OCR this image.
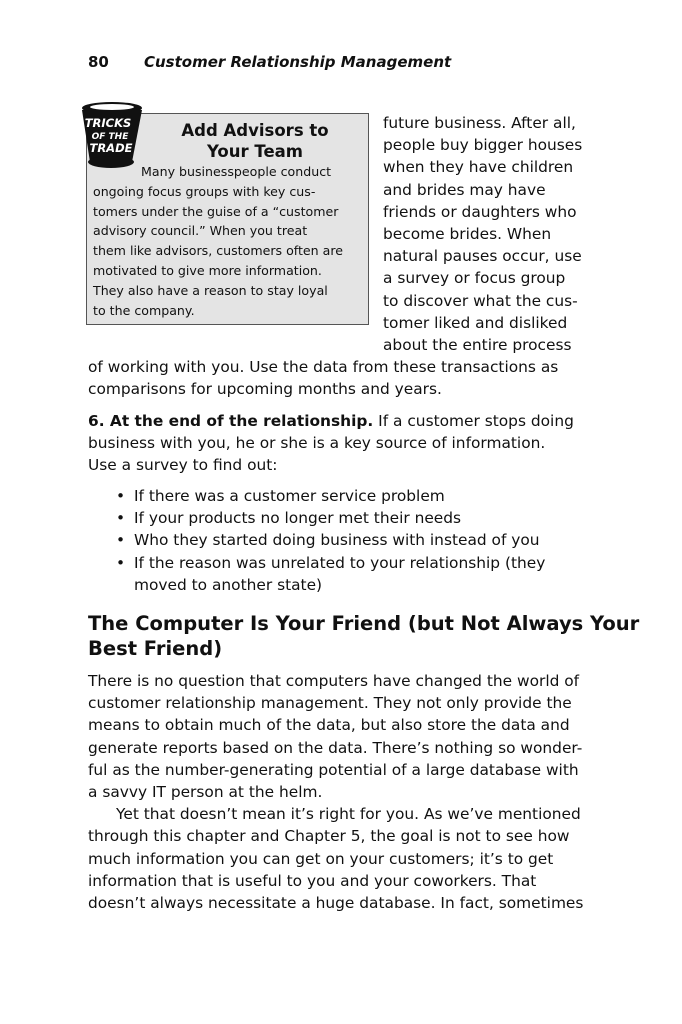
80 Customer Relationship Management
Add Advisors to
Your Team
Many businesspeople conduct
ongoing focus groups with key cus-
tomers under the guise of a “customer
advisory council.” When you treat
them like advisors, customers often are
motivated to give more information.
They also have a reason to stay loyal
to the company.
TRICKS
OF THE
TRADE
future business. After all,
people buy bigger houses
when they have children
and brides may have
friends or daughters who
become brides. When
natural pauses occur, use
a survey or focus group
to discover what the cus-
tomer liked and disliked
about the entire process
of working with you. Use the data from these transactions as
comparisons for upcoming months and years.
6. At the end of the relationship. If a customer stops doing
business with you, he or she is a key source of information.
Use a survey to find out:
• If there was a customer service problem
• If your products no longer met their needs
• Who they started doing business with instead of you
• If the reason was unrelated to your relationship (they
moved to another state)
The Computer Is Your Friend (but Not Always Your
Best Friend)
There is no question that computers have changed the world of
customer relationship management. They not only provide the
means to obtain much of the data, but also store the data and
generate reports based on the data. There’s nothing so wonder-
ful as the number-generating potential of a large database with
a savvy IT person at the helm.
Yet that doesn’t mean it’s right for you. As we’ve mentioned
through this chapter and Chapter 5, the goal is not to see how
much information you can get on your customers; it’s to get
information that is useful to you and your coworkers. That
doesn’t always necessitate a huge database. In fact, sometimes
